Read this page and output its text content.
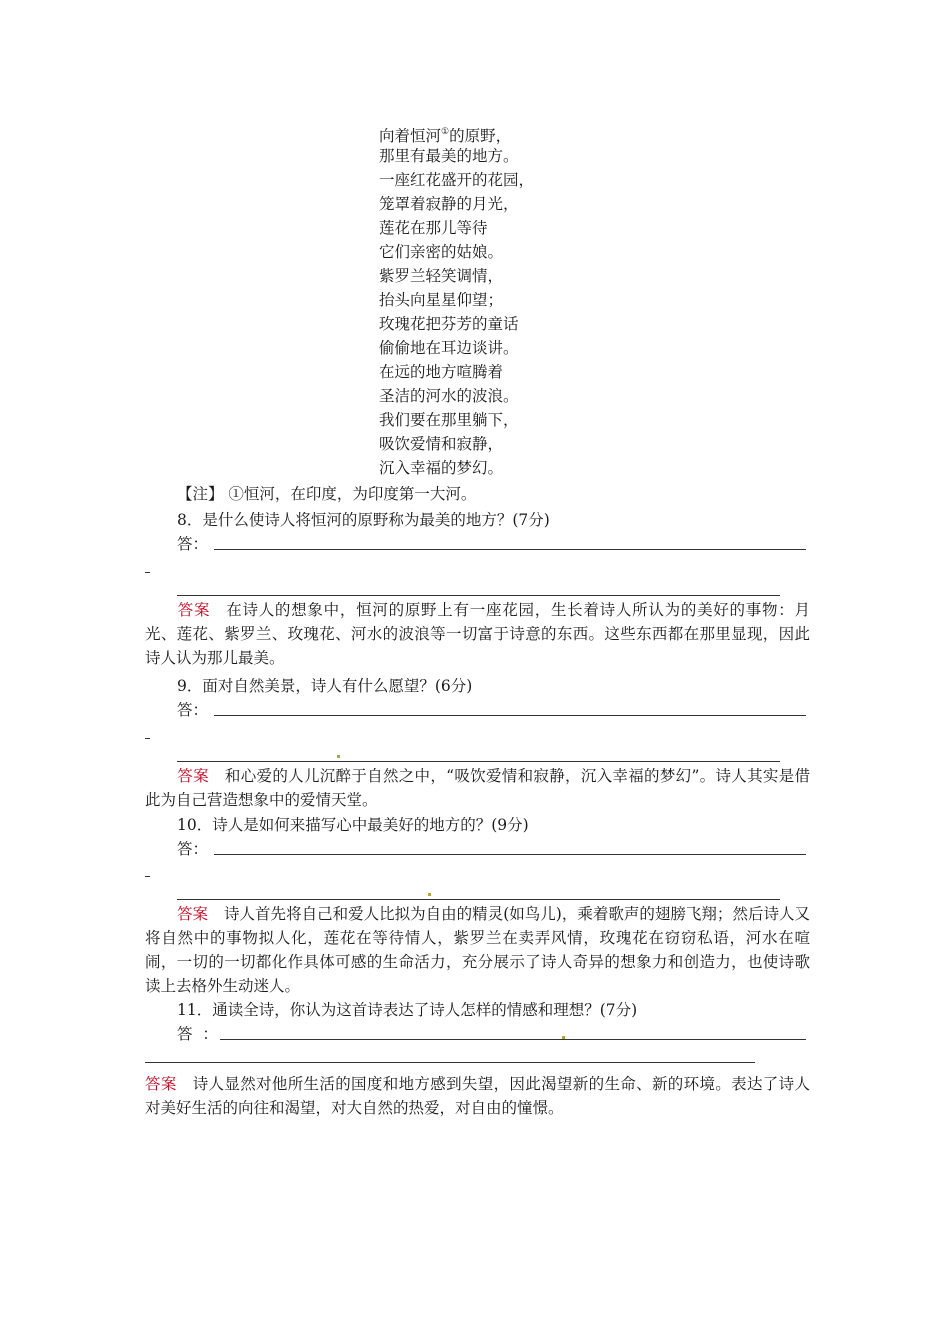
向着恒河①的原野，
那里有最美的地方。
一座红花盛开的花园，
笼罩着寂静的月光，
莲花在那儿等待
它们亲密的姑娘。
紫罗兰轻笑调情，
抬头向星星仰望；
玫瑰花把芬芳的童话
偷偷地在耳边谈讲。
在远的地方喧腾着
圣洁的河水的波浪。
我们要在那里躺下，
吸饮爱情和寂静，
沉入幸福的梦幻。
【注】 ①恒河，在印度，为印度第一大河。
8．是什么使诗人将恒河的原野称为最美的地方？(7分)
答：
答案 在诗人的想象中，恒河的原野上有一座花园，生长着诗人所认为的美好的事物：月光、莲花、紫罗兰、玫瑰花、河水的波浪等一切富于诗意的东西。这些东西都在那里显现，因此诗人认为那儿最美。
9．面对自然美景，诗人有什么愿望？(6分)
答：
答案 和心爱的人儿沉醉于自然之中，“吸饮爱情和寂静，沉入幸福的梦幻”。诗人其实是借此为自己营造想象中的爱情天堂。
10．诗人是如何来描写心中最美好的地方的？(9分)
答：
答案 诗人首先将自己和爱人比拟为自由的精灵(如鸟儿)，乘着歌声的翅膀飞翔；然后诗人又将自然中的事物拟人化，莲花在等待情人，紫罗兰在卖弄风情，玫瑰花在窃窃私语，河水在喧闹，一切的一切都化作具体可感的生命活力，充分展示了诗人奇异的想象力和创造力，也使诗歌读上去格外生动迷人。
11．通读全诗，你认为这首诗表达了诗人怎样的情感和理想？(7分)
答  ：
答案 诗人显然对他所生活的国度和地方感到失望，因此渴望新的生命、新的环境。表达了诗人对美好生活的向往和渴望，对大自然的热爱，对自由的憧憬。
